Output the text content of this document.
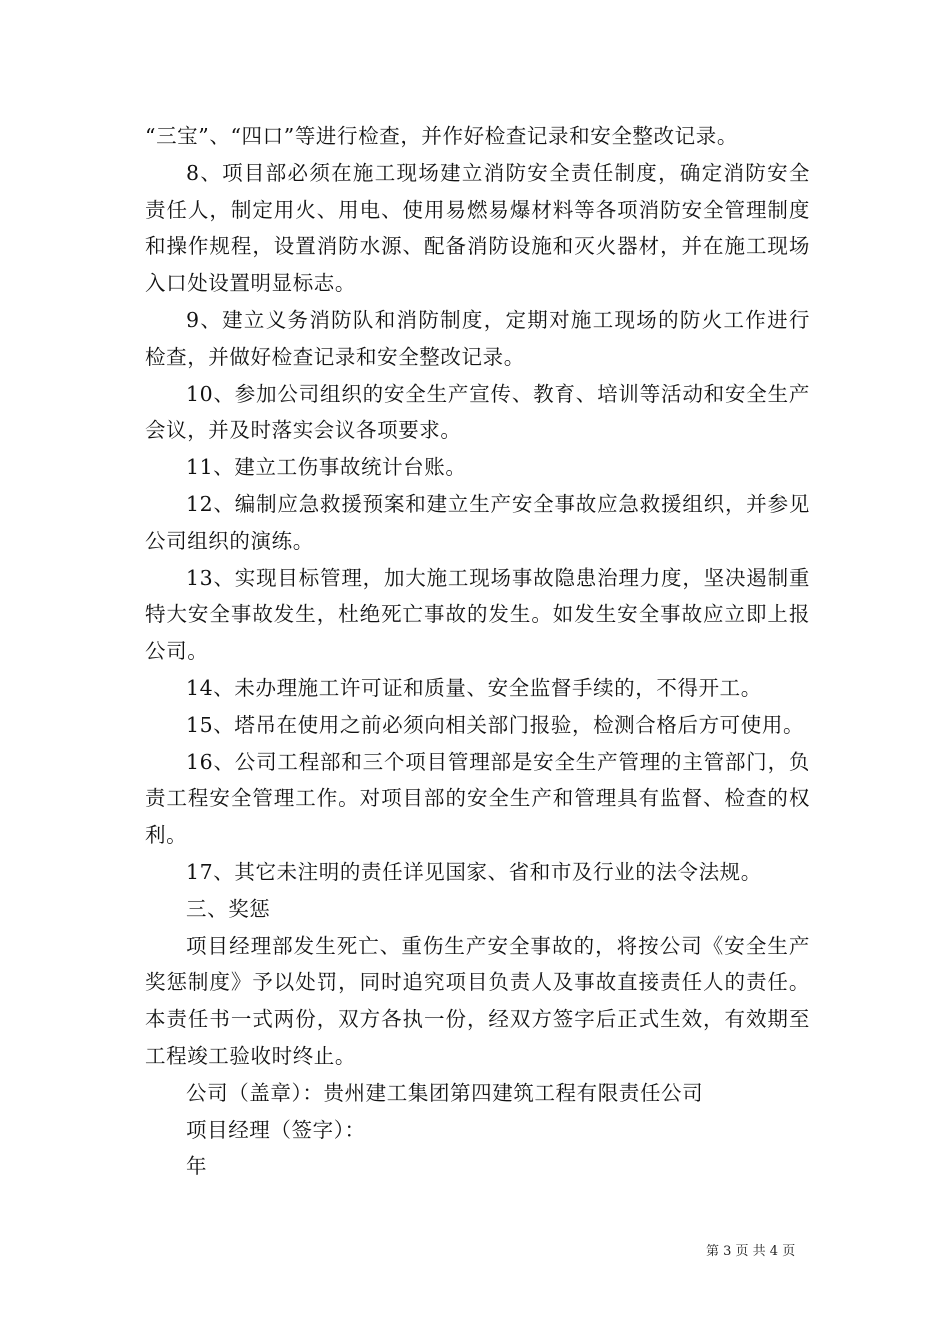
“三宝”、“四口”等进行检查，并作好检查记录和安全整改记录。

8、项目部必须在施工现场建立消防安全责任制度，确定消防安全责任人，制定用火、用电、使用易燃易爆材料等各项消防安全管理制度和操作规程，设置消防水源、配备消防设施和灭火器材，并在施工现场入口处设置明显标志。

9、建立义务消防队和消防制度，定期对施工现场的防火工作进行检查，并做好检查记录和安全整改记录。

10、参加公司组织的安全生产宣传、教育、培训等活动和安全生产会议，并及时落实会议各项要求。

11、建立工伤事故统计台账。

12、编制应急救援预案和建立生产安全事故应急救援组织，并参见公司组织的演练。

13、实现目标管理，加大施工现场事故隐患治理力度，坚决遏制重特大安全事故发生，杜绝死亡事故的发生。如发生安全事故应立即上报公司。

14、未办理施工许可证和质量、安全监督手续的，不得开工。

15、塔吊在使用之前必须向相关部门报验，检测合格后方可使用。

16、公司工程部和三个项目管理部是安全生产管理的主管部门，负责工程安全管理工作。对项目部的安全生产和管理具有监督、检查的权利。

17、其它未注明的责任详见国家、省和市及行业的法令法规。

三、奖惩

项目经理部发生死亡、重伤生产安全事故的，将按公司《安全生产奖惩制度》予以处罚，同时追究项目负责人及事故直接责任人的责任。本责任书一式两份，双方各执一份，经双方签字后正式生效，有效期至工程竣工验收时终止。

公司（盖章）：贵州建工集团第四建筑工程有限责任公司

项目经理（签字）：

年

第 3 页 共 4 页
